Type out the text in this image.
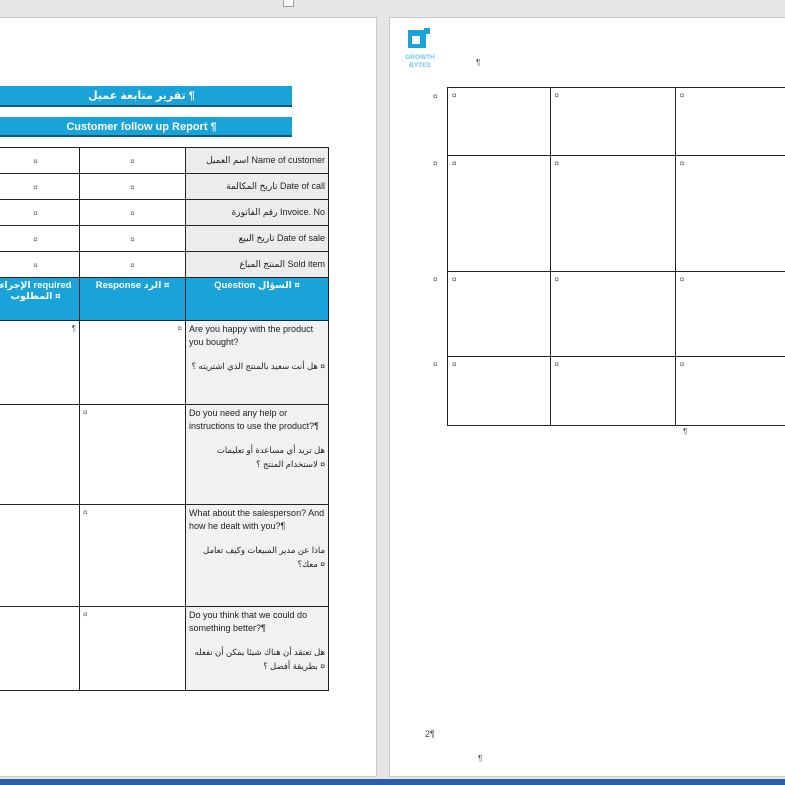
تقرير متابعة عميل ¶
Customer follow up Report ¶
¤	¤	اسم العميل Name of customer
¤	¤	تاريخ المكالمة Date of call
¤	¤	رقم الفاتورة Invoice. No
¤	¤	تاريخ البيع Date of sale
¤	¤	المنتج المباع Sold item
الإجراء required المطلوب ¤	Response الرد ¤	Question السؤال ¤
¶	¤	Are you happy with the product you bought?
هل أنت سعيد بالمنتج الذي اشتريته ؟ ¤

	¤	Do you need any help or instructions to use the product?¶
هل تريد أي مساعدة أو تعليمات لاستخدام المنتج ؟ ¤

	¤	What about the salesperson? And how he dealt with you?¶
ماذا عن مدير المبيعات وكيف تعامل معك؟ ¤

	¤	Do you think that we could do something better?¶
هل تعتقد أن هناك شيئا يمكن أن نفعله بطريقة أفضل ؟ ¤
GROWTH
BYTES	¶
¤
¤
¤
¤
¤	¤	¤
¤	¤	¤
¤	¤	¤
¤	¤	¤
¶
2¶
¶
